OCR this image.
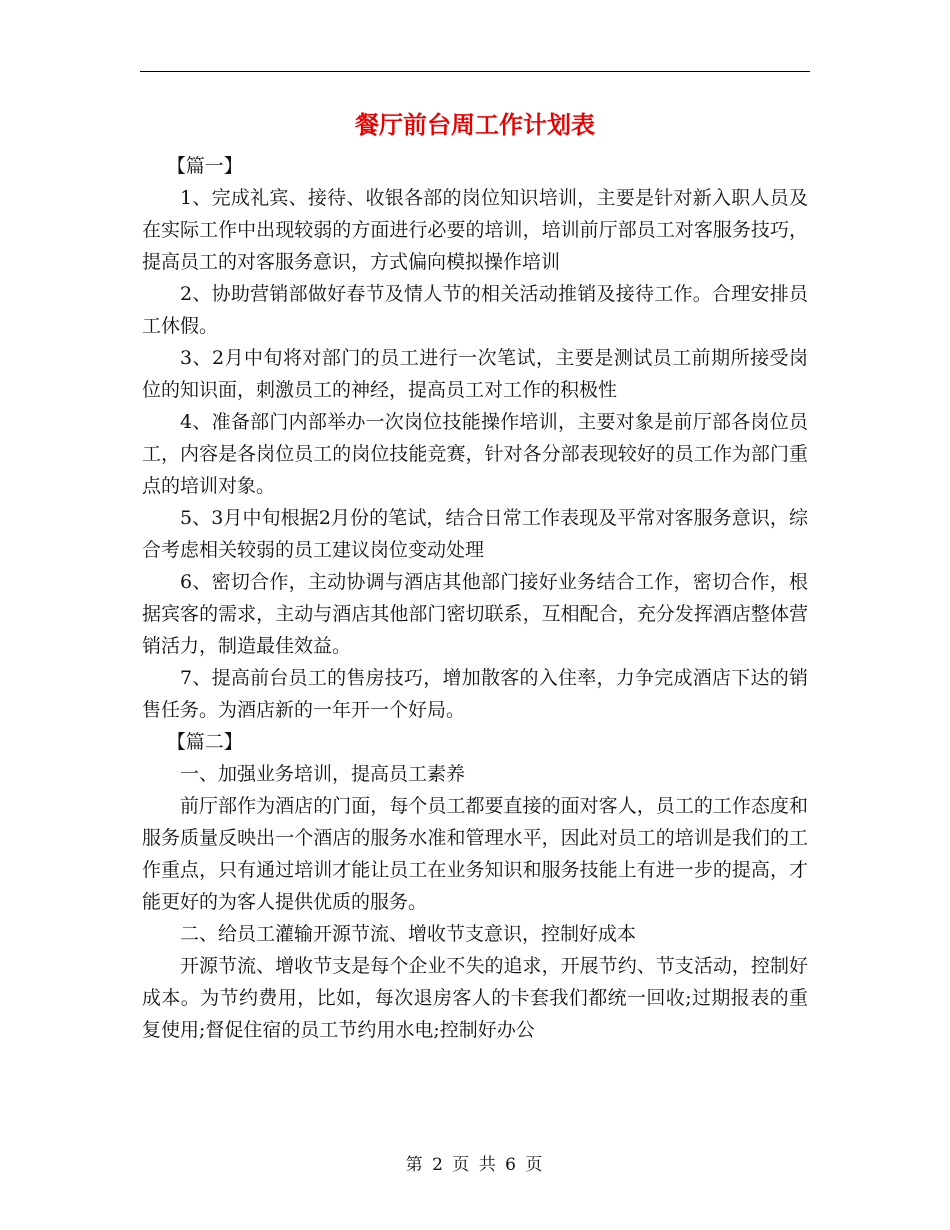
餐厅前台周工作计划表

【篇一】

1、完成礼宾、接待、收银各部的岗位知识培训，主要是针对新入职人员及在实际工作中出现较弱的方面进行必要的培训，培训前厅部员工对客服务技巧，提高员工的对客服务意识，方式偏向模拟操作培训

2、协助营销部做好春节及情人节的相关活动推销及接待工作。合理安排员工休假。

3、2月中旬将对部门的员工进行一次笔试，主要是测试员工前期所接受岗位的知识面，刺激员工的神经，提高员工对工作的积极性

4、准备部门内部举办一次岗位技能操作培训，主要对象是前厅部各岗位员工，内容是各岗位员工的岗位技能竞赛，针对各分部表现较好的员工作为部门重点的培训对象。

5、3月中旬根据2月份的笔试，结合日常工作表现及平常对客服务意识，综合考虑相关较弱的员工建议岗位变动处理

6、密切合作，主动协调与酒店其他部门接好业务结合工作，密切合作，根据宾客的需求，主动与酒店其他部门密切联系，互相配合，充分发挥酒店整体营销活力，制造最佳效益。

7、提高前台员工的售房技巧，增加散客的入住率，力争完成酒店下达的销售任务。为酒店新的一年开一个好局。

【篇二】

一、加强业务培训，提高员工素养

前厅部作为酒店的门面，每个员工都要直接的面对客人，员工的工作态度和服务质量反映出一个酒店的服务水准和管理水平，因此对员工的培训是我们的工作重点，只有通过培训才能让员工在业务知识和服务技能上有进一步的提高，才能更好的为客人提供优质的服务。

二、给员工灌输开源节流、增收节支意识，控制好成本

开源节流、增收节支是每个企业不失的追求，开展节约、节支活动，控制好成本。为节约费用，比如，每次退房客人的卡套我们都统一回收;过期报表的重复使用;督促住宿的员工节约用水电;控制好办公

第 2 页 共 6 页
